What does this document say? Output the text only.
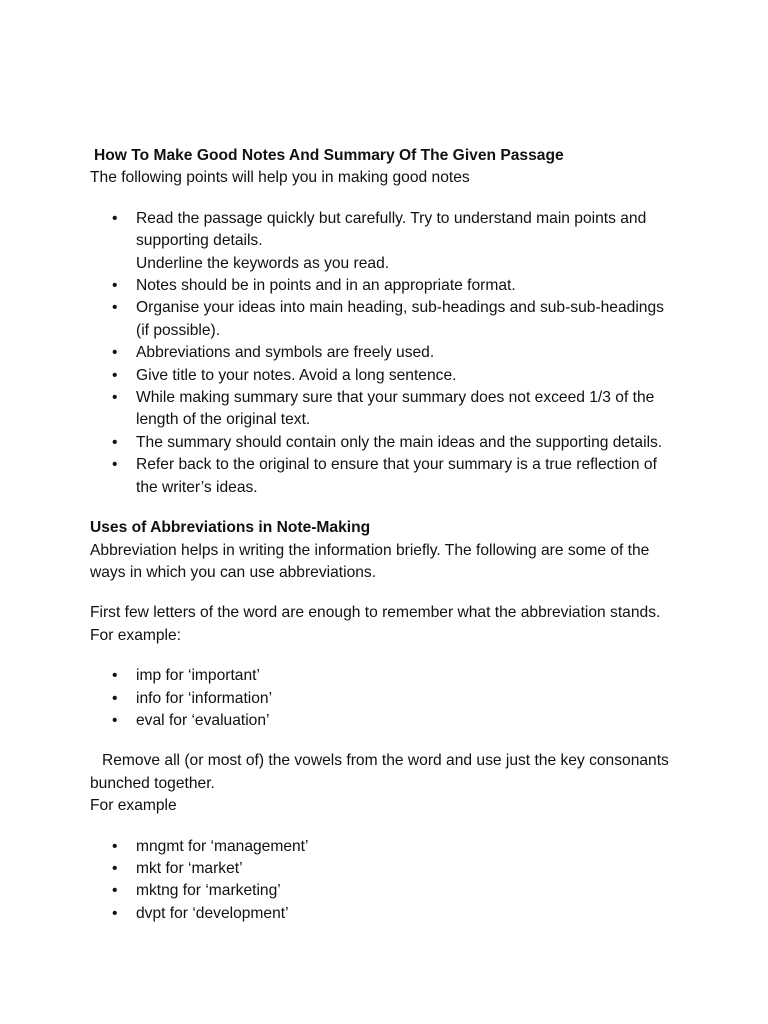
How To Make Good Notes And Summary Of The Given Passage

The following points will help you in making good notes

• Read the passage quickly but carefully. Try to understand main points and supporting details.
Underline the keywords as you read.
• Notes should be in points and in an appropriate format.
• Organise your ideas into main heading, sub-headings and sub-sub-headings (if possible).
• Abbreviations and symbols are freely used.
• Give title to your notes. Avoid a long sentence.
• While making summary sure that your summary does not exceed 1/3 of the length of the original text.
• The summary should contain only the main ideas and the supporting details.
• Refer back to the original to ensure that your summary is a true reflection of the writer’s ideas.
Uses of Abbreviations in Note-Making

Abbreviation helps in writing the information briefly. The following are some of the ways in which you can use abbreviations.

First few letters of the word are enough to remember what the abbreviation stands.

For example:

• imp for ‘important’
• info for ‘information’
• eval for ‘evaluation’

Remove all (or most of) the vowels from the word and use just the key consonants bunched together.

For example

• mngmt for ‘management’
• mkt for ‘market’
• mktng for ‘marketing’
• dvpt for ‘development’
